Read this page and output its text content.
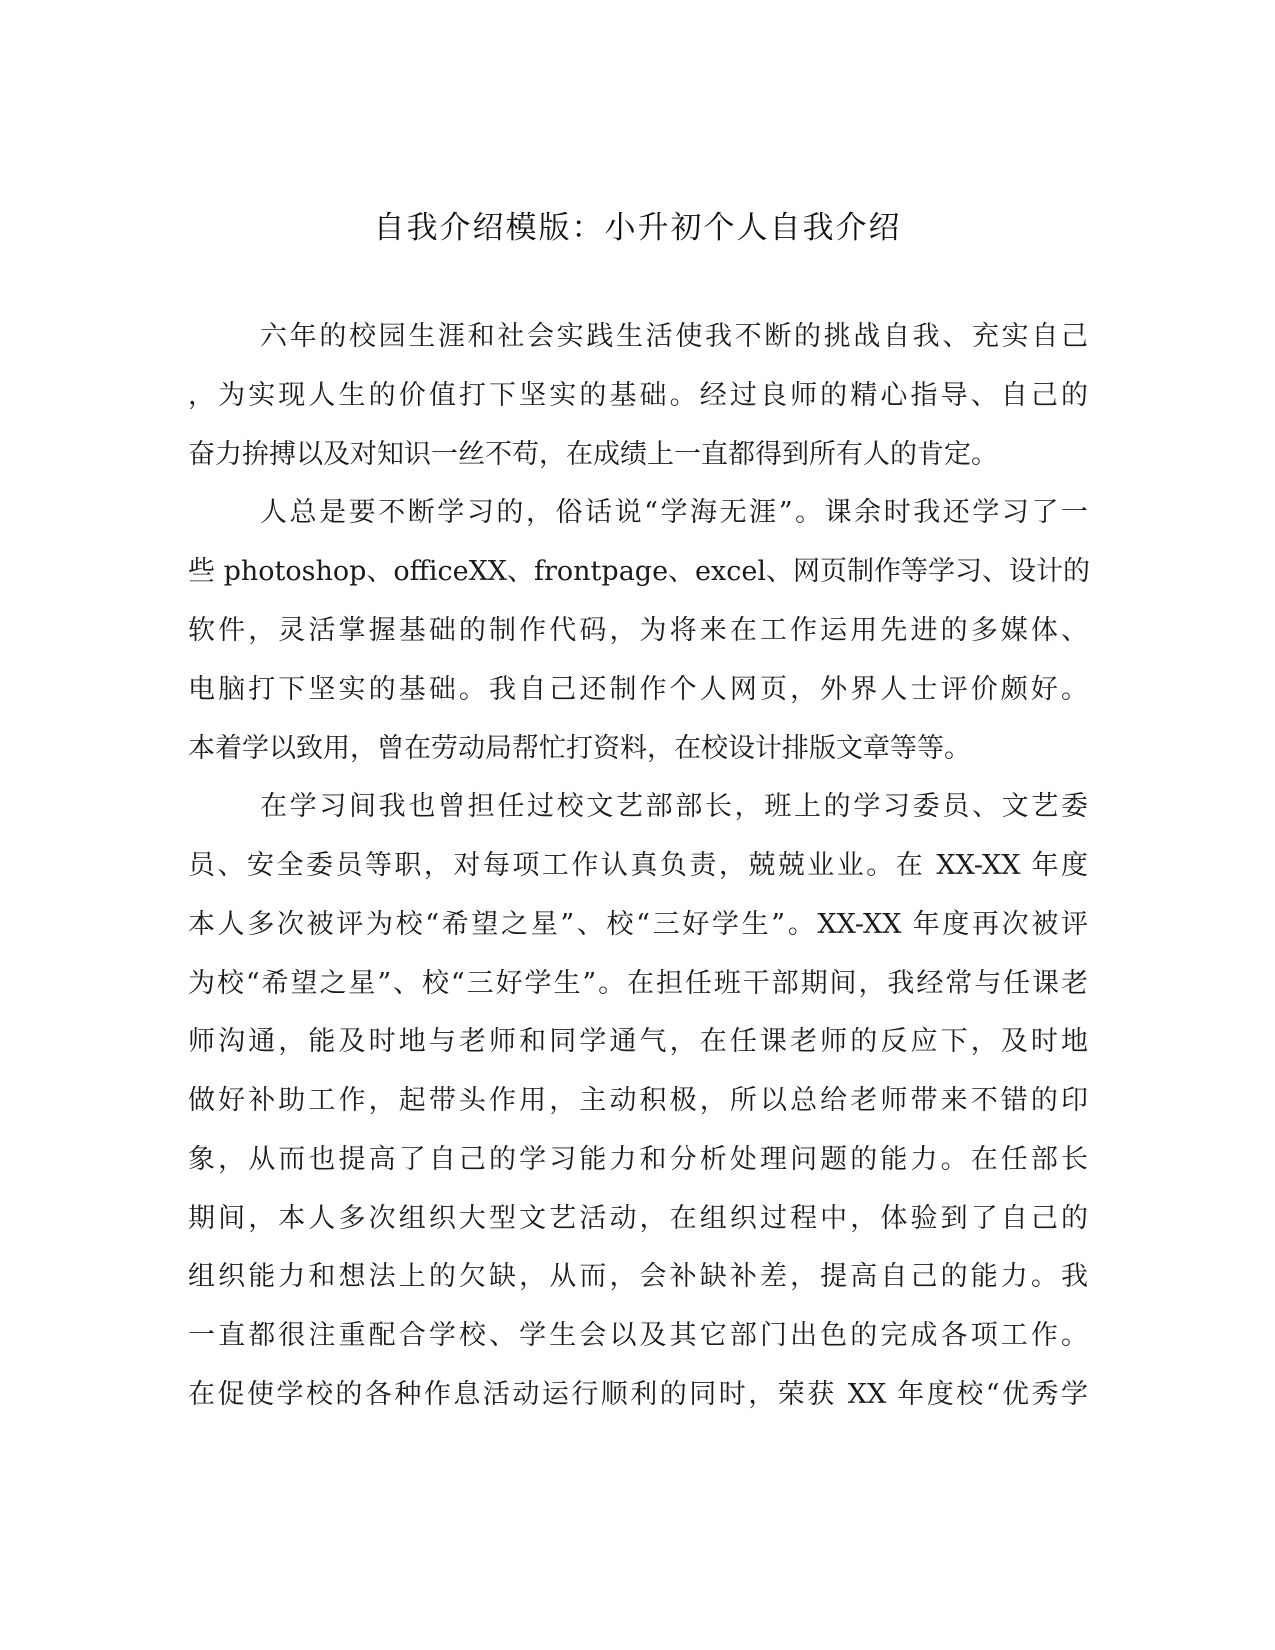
自我介绍模版：小升初个人自我介绍

六年的校园生涯和社会实践生活使我不断的挑战自我、充实自己

，为实现人生的价值打下坚实的基础。经过良师的精心指导、自己的

奋力拚搏以及对知识一丝不苟，在成绩上一直都得到所有人的肯定。

人总是要不断学习的，俗话说“学海无涯”。课余时我还学习了一

些 photoshop、officeXX、frontpage、excel、网页制作等学习、设计的

软件，灵活掌握基础的制作代码，为将来在工作运用先进的多媒体、

电脑打下坚实的基础。我自己还制作个人网页，外界人士评价颇好。

本着学以致用，曾在劳动局帮忙打资料，在校设计排版文章等等。

在学习间我也曾担任过校文艺部部长，班上的学习委员、文艺委

员、安全委员等职，对每项工作认真负责，兢兢业业。在 XX-XX 年度

本人多次被评为校“希望之星”、校“三好学生”。XX-XX 年度再次被评

为校“希望之星”、校“三好学生”。在担任班干部期间，我经常与任课老

师沟通，能及时地与老师和同学通气，在任课老师的反应下，及时地

做好补助工作，起带头作用，主动积极，所以总给老师带来不错的印

象，从而也提高了自己的学习能力和分析处理问题的能力。在任部长

期间，本人多次组织大型文艺活动，在组织过程中，体验到了自己的

组织能力和想法上的欠缺，从而，会补缺补差，提高自己的能力。我

一直都很注重配合学校、学生会以及其它部门出色的完成各项工作。

在促使学校的各种作息活动运行顺利的同时，荣获 XX 年度校“优秀学
